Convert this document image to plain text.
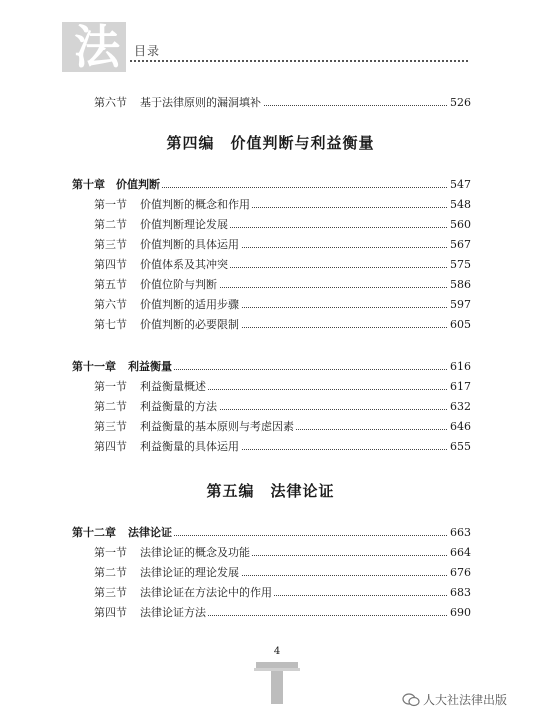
法 目录
第六节 基于法律原则的漏洞填补	526
第四编　价值判断与利益衡量
第十章 价值判断	547
第一节 价值判断的概念和作用	548
第二节 价值判断理论发展	560
第三节 价值判断的具体运用	567
第四节 价值体系及其冲突	575
第五节 价值位阶与判断	586
第六节 价值判断的适用步骤	597
第七节 价值判断的必要限制	605
第十一章 利益衡量	616
第一节 利益衡量概述	617
第二节 利益衡量的方法	632
第三节 利益衡量的基本原则与考虑因素	646
第四节 利益衡量的具体运用	655
第五编　法律论证
第十二章 法律论证	663
第一节 法律论证的概念及功能	664
第二节 法律论证的理论发展	676
第三节 法律论证在方法论中的作用	683
第四节 法律论证方法	690
4
人大社法律出版
